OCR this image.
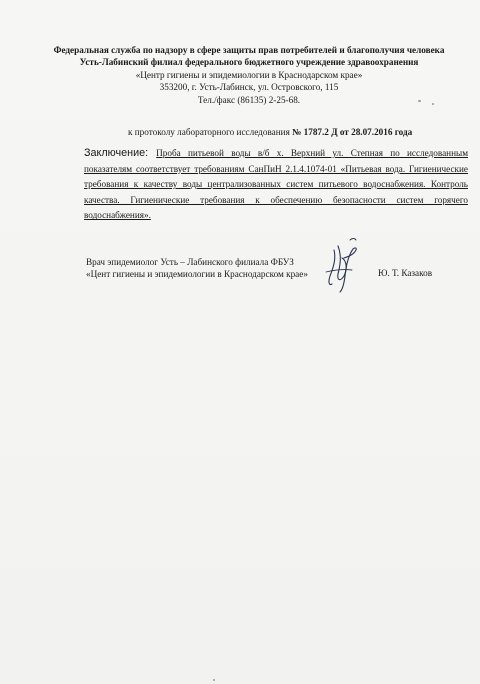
Федеральная служба по надзору в сфере защиты прав потребителей и благополучия человека
Усть-Лабинский филиал федерального бюджетного учреждение здравоохранения
«Центр гигиены и эпидемиологии в Краснодарском крае»
353200, г. Усть-Лабинск, ул. Островского, 115
Тел./факс (86135) 2-25-68.
к протоколу лабораторного исследования № 1787.2 Д от 28.07.2016 года
Заключение: Проба питьевой воды в/б х. Верхний ул. Степная по исследованным показателям соответствует требованиям СанПиН 2.1.4.1074-01 «Питьевая вода. Гигиенические требования к качеству воды централизованных систем питьевого водоснабжения. Контроль качества. Гигиенические требования к обеспечению безопасности систем горячего водоснабжения».
Врач эпидемиолог Усть – Лабинского филиала ФБУЗ
«Цент гигиены и эпидемиологии в Краснодарском крае»	Ю. Т. Казаков
